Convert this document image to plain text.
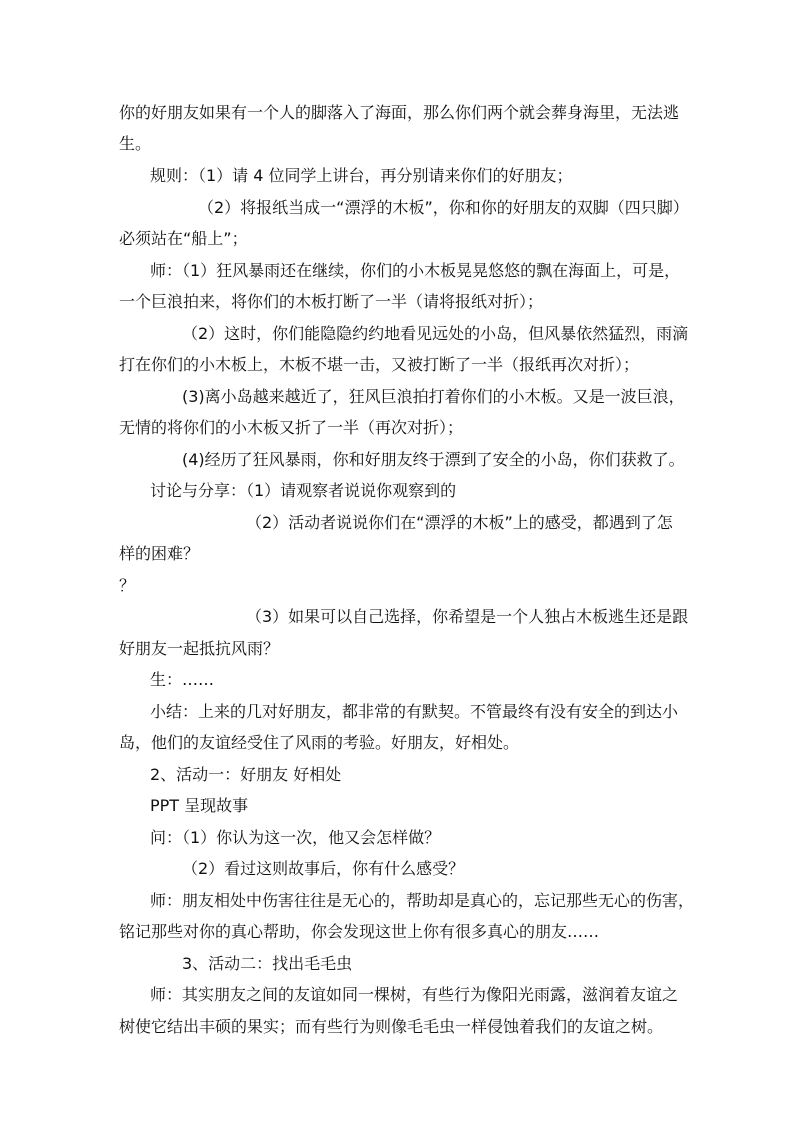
你的好朋友如果有一个人的脚落入了海面，那么你们两个就会葬身海里，无法逃
生。
规则：（1）请 4 位同学上讲台，再分别请来你们的好朋友；
（2）将报纸当成一“漂浮的木板”，你和你的好朋友的双脚（四只脚）
必须站在“船上”；
师：（1）狂风暴雨还在继续，你们的小木板晃晃悠悠的飘在海面上，可是，
一个巨浪拍来，将你们的木板打断了一半（请将报纸对折）；
（2）这时，你们能隐隐约约地看见远处的小岛，但风暴依然猛烈，雨滴
打在你们的小木板上，木板不堪一击，又被打断了一半（报纸再次对折）；
(3)离小岛越来越近了，狂风巨浪拍打着你们的小木板。又是一波巨浪，
无情的将你们的小木板又折了一半（再次对折）；
(4)经历了狂风暴雨，你和好朋友终于漂到了安全的小岛，你们获救了。
讨论与分享：（1）请观察者说说你观察到的
（2）活动者说说你们在“漂浮的木板”上的感受，都遇到了怎
样的困难？
？
（3）如果可以自己选择，你希望是一个人独占木板逃生还是跟
好朋友一起抵抗风雨？
生：……
小结：上来的几对好朋友，都非常的有默契。不管最终有没有安全的到达小
岛，他们的友谊经受住了风雨的考验。好朋友，好相处。
2、活动一：好朋友 好相处
PPT 呈现故事
问：（1）你认为这一次，他又会怎样做？
（2）看过这则故事后，你有什么感受？
师：朋友相处中伤害往往是无心的，帮助却是真心的，忘记那些无心的伤害，
铭记那些对你的真心帮助，你会发现这世上你有很多真心的朋友……
3、活动二：找出毛毛虫
师：其实朋友之间的友谊如同一棵树，有些行为像阳光雨露，滋润着友谊之
树使它结出丰硕的果实；而有些行为则像毛毛虫一样侵蚀着我们的友谊之树。
